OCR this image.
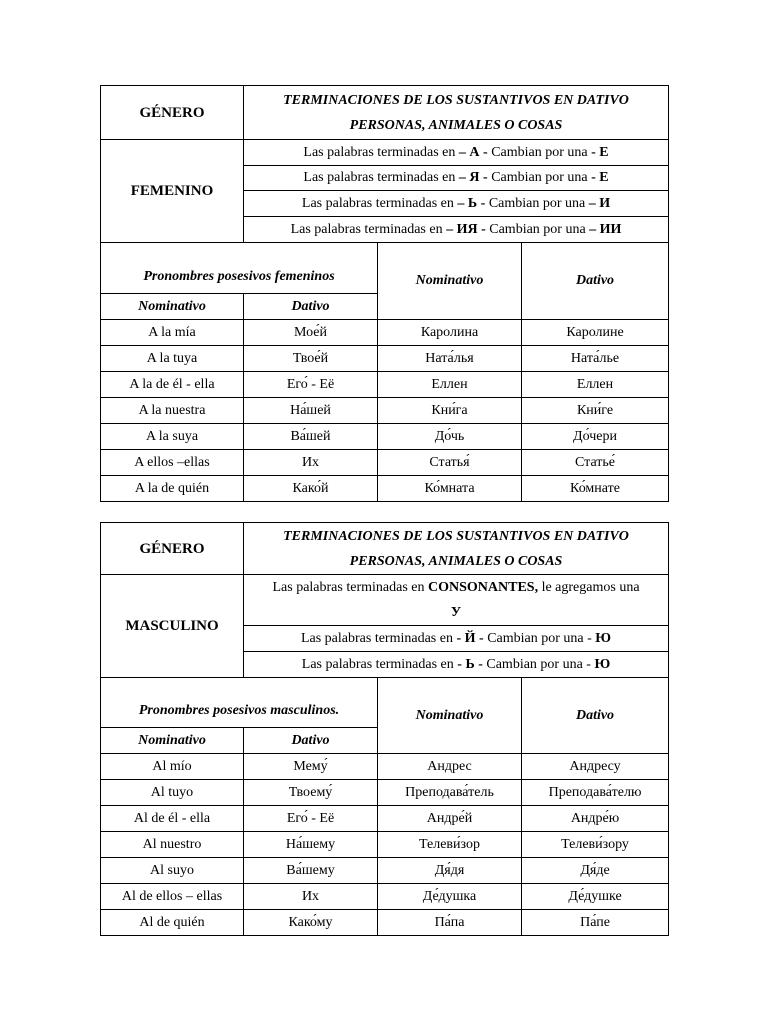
GÉNERO	TERMINACIONES DE LOS SUSTANTIVOS EN DATIVO
PERSONAS, ANIMALES O COSAS		

FEMENINO	Las palabras terminadas en – А - Cambian por una - Е		
	Las palabras terminadas en – Я - Cambian por una - Е		
	Las palabras terminadas en – Ь - Cambian por una – И		
	Las palabras terminadas en – ИЯ - Cambian por una – ИИ		
Pronombres posesivos femeninos		Nominativo	Dativo
Nominativo	Dativo		
A la mía	Мое́й	Каролина	Каролине
A la tuya	Твое́й	Ната́лья	Ната́лье
A la de él - ella	Его́ - Её	Еллен	Еллен
A la nuestra	На́шей	Кни́га	Кни́ге
A la suya	Ва́шей	До́чь	До́чери
A ellos –ellas	Их	Статья́	Статье́
A la de quién	Како́й	Ко́мната	Ко́мнате
GÉNERO	TERMINACIONES DE LOS SUSTANTIVOS EN DATIVO
PERSONAS, ANIMALES O COSAS		

MASCULINO	Las palabras terminadas en CONSONANTES, le agregamos una
У		
	Las palabras terminadas en - Й - Cambian por una - Ю		
	Las palabras terminadas en - Ь - Cambian por una - Ю		
Pronombres posesivos masculinos.		Nominativo	Dativo
Nominativo	Dativo		
Al mío	Мему́	Андрес	Андресу
Al tuyo	Твоему́	Преподава́тель	Преподава́телю
Al de él - ella	Его́ - Её	Андре́й	Андре́ю
Al nuestro	На́шему	Телеви́зор	Телеви́зору
Al suyo	Ва́шему	Дя́дя	Дя́де
Al de ellos – ellas	Их	Де́душка	Де́душке
Al de quién	Како́му	Па́па	Па́пе
